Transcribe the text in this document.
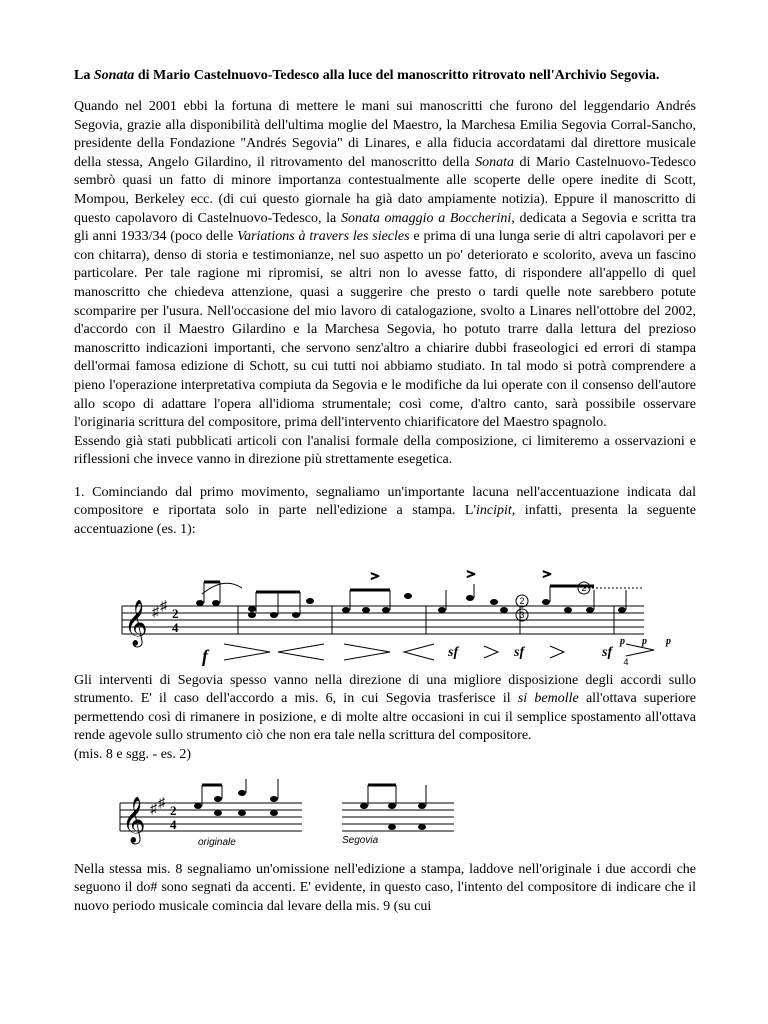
La Sonata di Mario Castelnuovo-Tedesco alla luce del manoscritto ritrovato nell'Archivio Segovia.

Quando nel 2001 ebbi la fortuna di mettere le mani sui manoscritti che furono del leggendario Andrés Segovia, grazie alla disponibilità dell'ultima moglie del Maestro, la Marchesa Emilia Segovia Corral-Sancho, presidente della Fondazione "Andrés Segovia" di Linares, e alla fiducia accordatami dal direttore musicale della stessa, Angelo Gilardino, il ritrovamento del manoscritto della Sonata di Mario Castelnuovo-Tedesco sembrò quasi un fatto di minore importanza contestualmente alle scoperte delle opere inedite di Scott, Mompou, Berkeley ecc. (di cui questo giornale ha già dato ampiamente notizia). Eppure il manoscritto di questo capolavoro di Castelnuovo-Tedesco, la Sonata omaggio a Boccherini, dedicata a Segovia e scritta tra gli anni 1933/34 (poco delle Variations à travers les siecles e prima di una lunga serie di altri capolavori per e con chitarra), denso di storia e testimonianze, nel suo aspetto un po' deteriorato e scolorito, aveva un fascino particolare. Per tale ragione mi ripromisi, se altri non lo avesse fatto, di rispondere all'appello di quel manoscritto che chiedeva attenzione, quasi a suggerire che presto o tardi quelle note sarebbero potute scomparire per l'usura. Nell'occasione del mio lavoro di catalogazione, svolto a Linares nell'ottobre del 2002, d'accordo con il Maestro Gilardino e la Marchesa Segovia, ho potuto trarre dalla lettura del prezioso manoscritto indicazioni importanti, che servono senz'altro a chiarire dubbi fraseologici ed errori di stampa dell'ormai famosa edizione di Schott, su cui tutti noi abbiamo studiato. In tal modo si potrà comprendere a pieno l'operazione interpretativa compiuta da Segovia e le modifiche da lui operate con il consenso dell'autore allo scopo di adattare l'opera all'idioma strumentale; così come, d'altro canto, sarà possibile osservare l'originaria scrittura del compositore, prima dell'intervento chiarificatore del Maestro spagnolo.

Essendo già stati pubblicati articoli con l'analisi formale della composizione, ci limiteremo a osservazioni e riflessioni che invece vanno in direzione più strettamente esegetica.

1. Cominciando dal primo movimento, segnaliamo un'importante lacuna nell'accentuazione indicata dal compositore e riportata solo in parte nell'edizione a stampa. L'incipit, infatti, presenta la seguente accentuazione (es. 1):

𝄞 ♯ ♯ 2
4
>	>	>
f	sf	sf	sf
2
3
2
4
p p p

Gli interventi di Segovia spesso vanno nella direzione di una migliore disposizione degli accordi sullo strumento. E' il caso dell'accordo a mis. 6, in cui Segovia trasferisce il si bemolle all'ottava superiore permettendo così di rimanere in posizione, e di molte altre occasioni in cui il semplice spostamento all'ottava rende agevole sullo strumento ciò che non era tale nella scrittura del compositore.

(mis. 8 e sgg. - es. 2)

𝄞 ♯ ♯ 2
4
originale	Segovia

Nella stessa mis. 8 segnaliamo un'omissione nell'edizione a stampa, laddove nell'originale i due accordi che seguono il do# sono segnati da accenti. E' evidente, in questo caso, l'intento del compositore di indicare che il nuovo periodo musicale comincia dal levare della mis. 9 (su cui
